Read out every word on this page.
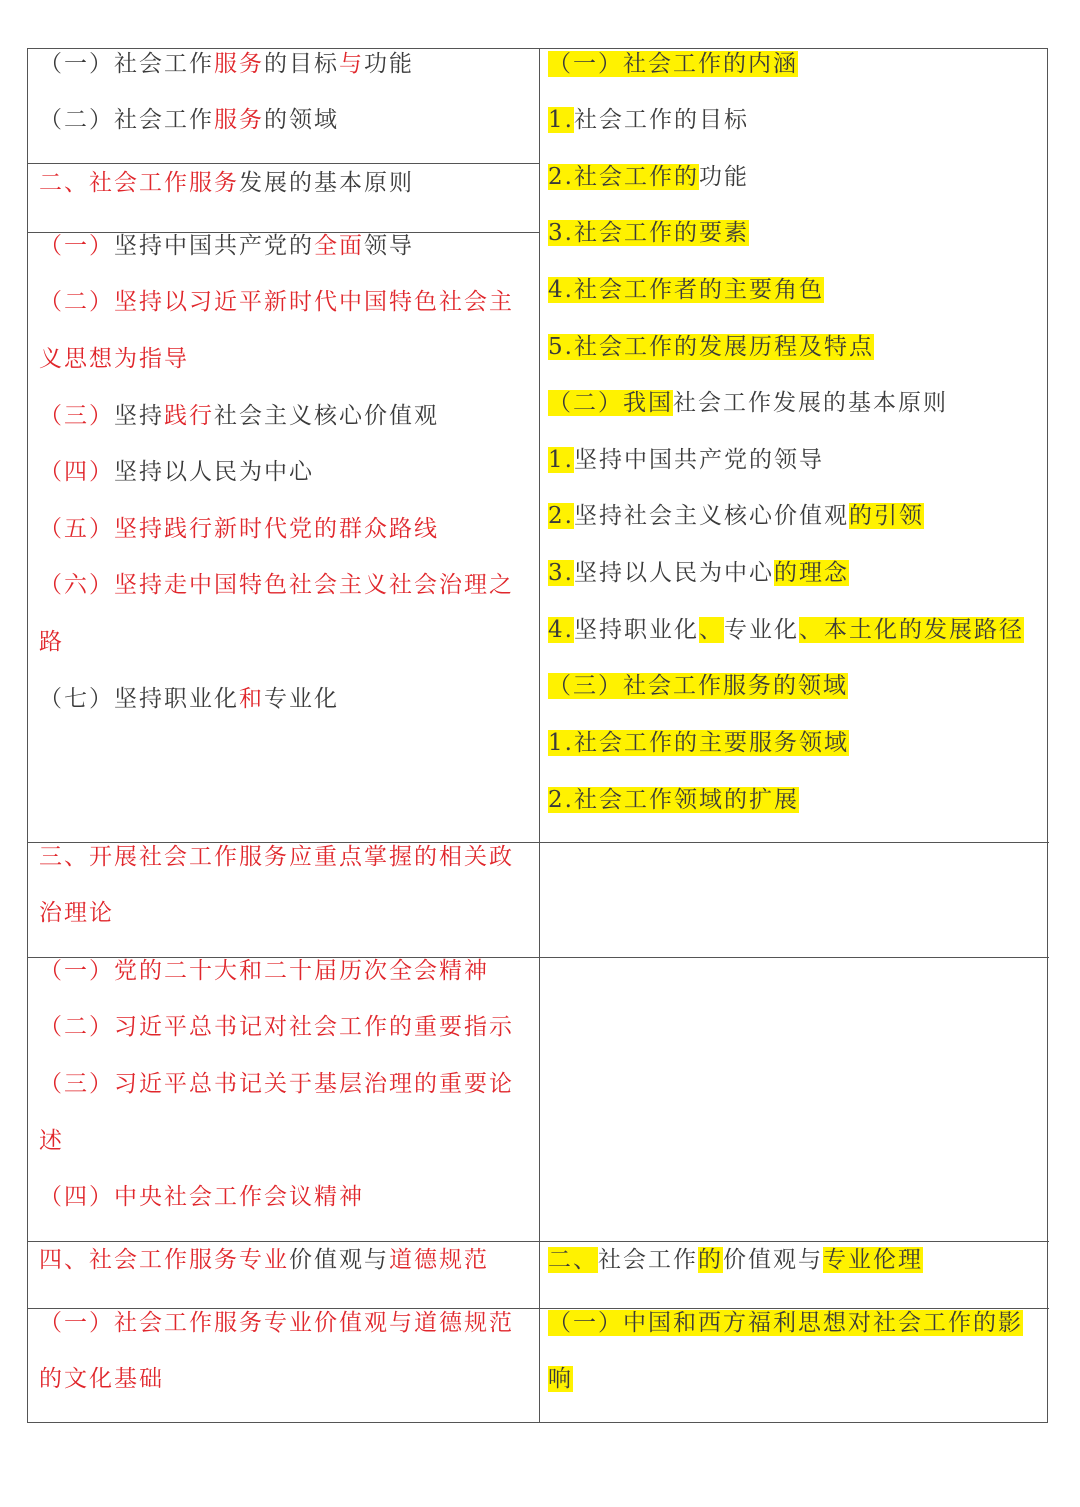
（一）社会工作服务的目标与功能
（二）社会工作服务的领域
二、社会工作服务发展的基本原则
（一）坚持中国共产党的全面领导
（二）坚持以习近平新时代中国特色社会主
义思想为指导
（三）坚持践行社会主义核心价值观
（四）坚持以人民为中心
（五）坚持践行新时代党的群众路线
（六）坚持走中国特色社会主义社会治理之
路
（七）坚持职业化和专业化
三、开展社会工作服务应重点掌握的相关政
治理论
（一）党的二十大和二十届历次全会精神
（二）习近平总书记对社会工作的重要指示
（三）习近平总书记关于基层治理的重要论
述
（四）中央社会工作会议精神
四、社会工作服务专业价值观与道德规范
（一）社会工作服务专业价值观与道德规范
的文化基础
（一）社会工作的内涵
1.社会工作的目标
2.社会工作的功能
3.社会工作的要素
4.社会工作者的主要角色
5.社会工作的发展历程及特点
（二）我国社会工作发展的基本原则
1.坚持中国共产党的领导
2.坚持社会主义核心价值观的引领
3.坚持以人民为中心的理念
4.坚持职业化、专业化、本土化的发展路径
（三）社会工作服务的领域
1.社会工作的主要服务领域
2.社会工作领域的扩展
二、社会工作的价值观与专业伦理
（一）中国和西方福利思想对社会工作的影
响
